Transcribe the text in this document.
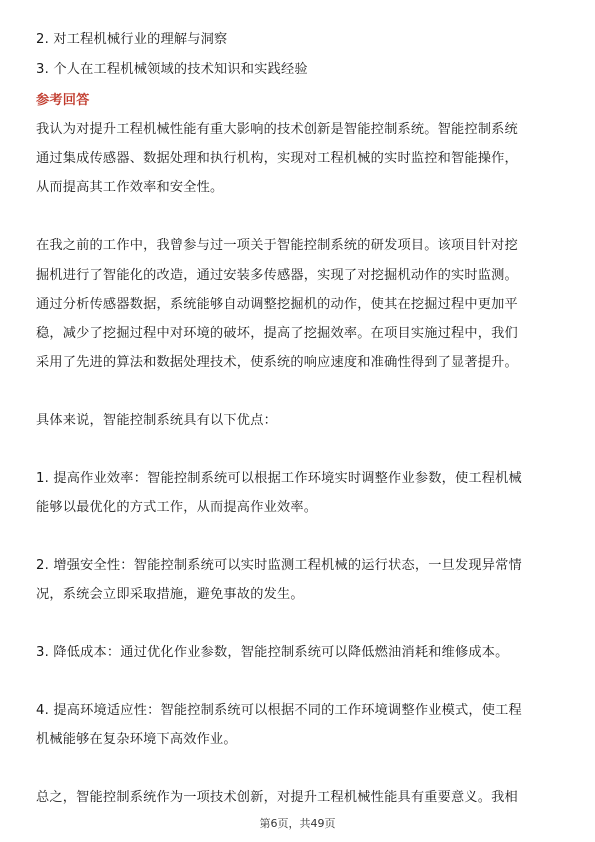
2. 对工程机械行业的理解与洞察
3. 个人在工程机械领域的技术知识和实践经验
参考回答
我认为对提升工程机械性能有重大影响的技术创新是智能控制系统。智能控制系统
通过集成传感器、数据处理和执行机构，实现对工程机械的实时监控和智能操作，
从而提高其工作效率和安全性。
在我之前的工作中，我曾参与过一项关于智能控制系统的研发项目。该项目针对挖
掘机进行了智能化的改造，通过安装多传感器，实现了对挖掘机动作的实时监测。
通过分析传感器数据，系统能够自动调整挖掘机的动作，使其在挖掘过程中更加平
稳，减少了挖掘过程中对环境的破坏，提高了挖掘效率。在项目实施过程中，我们
采用了先进的算法和数据处理技术，使系统的响应速度和准确性得到了显著提升。
具体来说，智能控制系统具有以下优点：
1. 提高作业效率：智能控制系统可以根据工作环境实时调整作业参数，使工程机械
能够以最优化的方式工作，从而提高作业效率。
2. 增强安全性：智能控制系统可以实时监测工程机械的运行状态，一旦发现异常情
况，系统会立即采取措施，避免事故的发生。
3. 降低成本：通过优化作业参数，智能控制系统可以降低燃油消耗和维修成本。
4. 提高环境适应性：智能控制系统可以根据不同的工作环境调整作业模式，使工程
机械能够在复杂环境下高效作业。
总之，智能控制系统作为一项技术创新，对提升工程机械性能具有重要意义。我相
第6页，共49页
